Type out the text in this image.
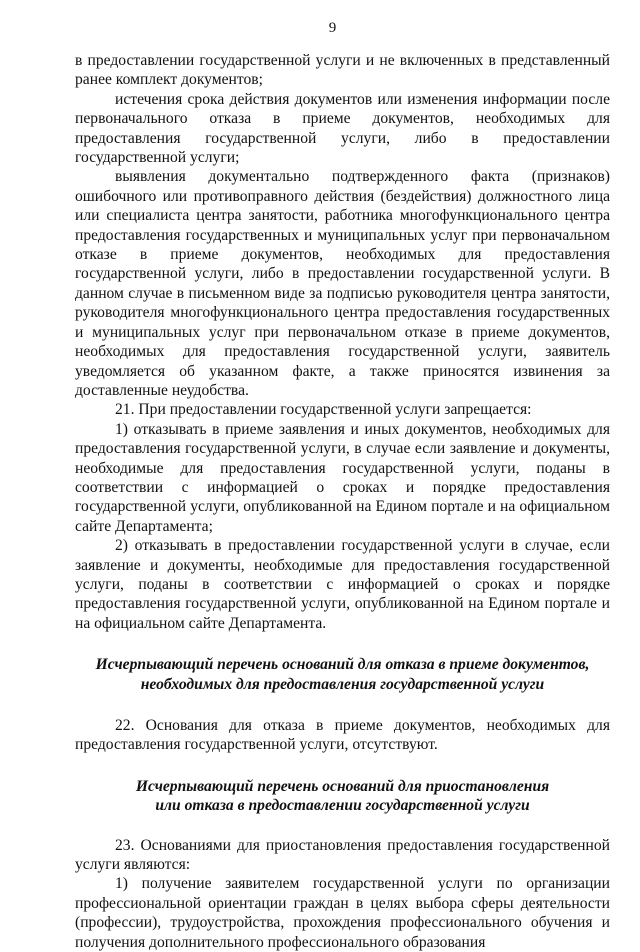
9

в предоставлении государственной услуги и не включенных в представленный ранее комплект документов;

истечения срока действия документов или изменения информации после первоначального отказа в приеме документов, необходимых для предоставления государственной услуги, либо в предоставлении государственной услуги;

выявления документально подтвержденного факта (признаков) ошибочного или противоправного действия (бездействия) должностного лица или специалиста центра занятости, работника многофункционального центра предоставления государственных и муниципальных услуг при первоначальном отказе в приеме документов, необходимых для предоставления государственной услуги, либо в предоставлении государственной услуги. В данном случае в письменном виде за подписью руководителя центра занятости, руководителя многофункционального центра предоставления государственных и муниципальных услуг при первоначальном отказе в приеме документов, необходимых для предоставления государственной услуги, заявитель уведомляется об указанном факте, а также приносятся извинения за доставленные неудобства.

21. При предоставлении государственной услуги запрещается:

1) отказывать в приеме заявления и иных документов, необходимых для предоставления государственной услуги, в случае если заявление и документы, необходимые для предоставления государственной услуги, поданы в соответствии с информацией о сроках и порядке предоставления государственной услуги, опубликованной на Едином портале и на официальном сайте Департамента;

2) отказывать в предоставлении государственной услуги в случае, если заявление и документы, необходимые для предоставления государственной услуги, поданы в соответствии с информацией о сроках и порядке предоставления государственной услуги, опубликованной на Едином портале и на официальном сайте Департамента.

Исчерпывающий перечень оснований для отказа в приеме документов,
необходимых для предоставления государственной услуги

22. Основания для отказа в приеме документов, необходимых для предоставления государственной услуги, отсутствуют.

Исчерпывающий перечень оснований для приостановления
или отказа в предоставлении государственной услуги

23. Основаниями для приостановления предоставления государственной услуги являются:

1) получение заявителем государственной услуги по организации профессиональной ориентации граждан в целях выбора сферы деятельности (профессии), трудоустройства, прохождения профессионального обучения и получения дополнительного профессионального образования
